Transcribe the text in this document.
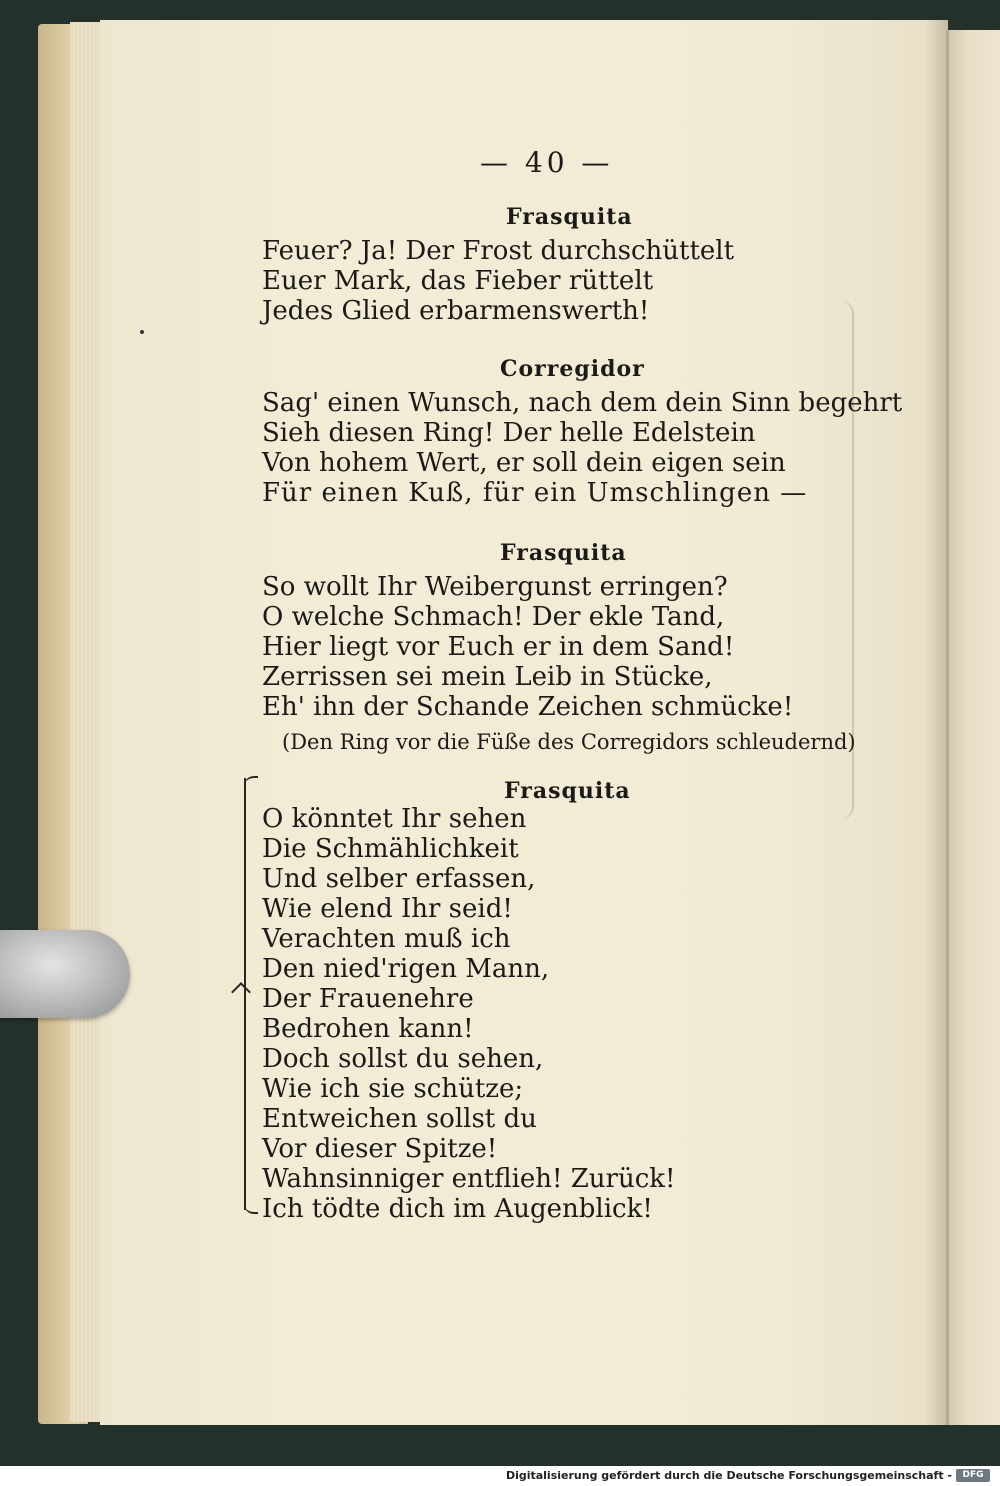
— 40 —
Frasquita
Feuer? Ja! Der Frost durchschüttelt
Euer Mark, das Fieber rüttelt
Jedes Glied erbarmenswerth!
Corregidor
Sag' einen Wunsch, nach dem dein Sinn begehrt
Sieh diesen Ring! Der helle Edelstein
Von hohem Wert, er soll dein eigen sein
Für einen Kuß, für ein Umschlingen —
Frasquita
So wollt Ihr Weibergunst erringen?
O welche Schmach! Der ekle Tand,
Hier liegt vor Euch er in dem Sand!
Zerrissen sei mein Leib in Stücke,
Eh' ihn der Schande Zeichen schmücke!
(Den Ring vor die Füße des Corregidors schleudernd)
Frasquita
O könntet Ihr sehen
Die Schmählichkeit
Und selber erfassen,
Wie elend Ihr seid!
Verachten muß ich
Den nied'rigen Mann,
Der Frauenehre
Bedrohen kann!
Doch sollst du sehen,
Wie ich sie schütze;
Entweichen sollst du
Vor dieser Spitze!
Wahnsinniger entflieh! Zurück!
Ich tödte dich im Augenblick!
Digitalisierung gefördert durch die Deutsche Forschungsgemeinschaft -	DFG
